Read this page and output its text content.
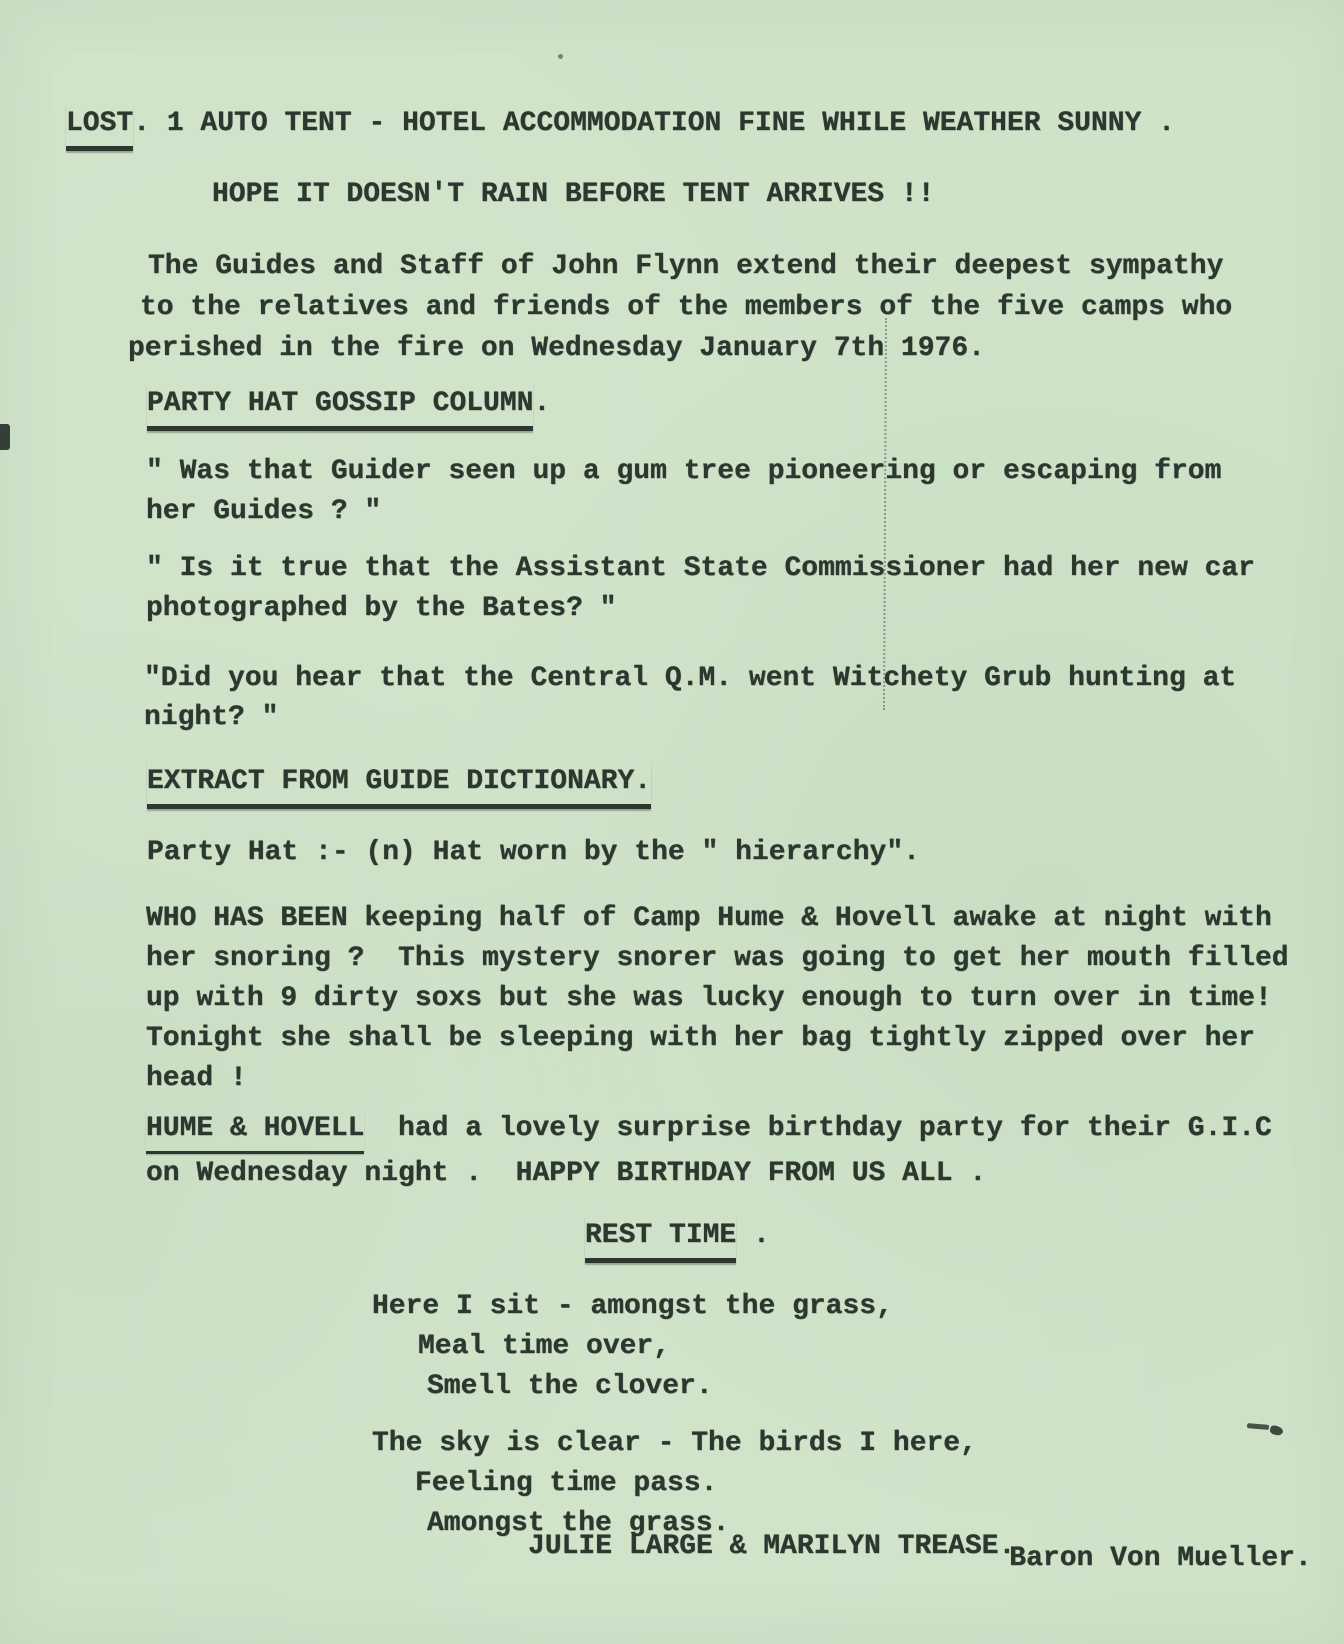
LOST. 1 AUTO TENT - HOTEL ACCOMMODATION FINE WHILE WEATHER SUNNY .
HOPE IT DOESN'T RAIN BEFORE TENT ARRIVES !!
The Guides and Staff of John Flynn extend their deepest sympathy
to the relatives and friends of the members of the five camps who
perished in the fire on Wednesday January 7th 1976.
PARTY HAT GOSSIP COLUMN.
" Was that Guider seen up a gum tree pioneering or escaping from
her Guides ? "
" Is it true that the Assistant State Commissioner had her new car
photographed by the Bates? "
"Did you hear that the Central Q.M. went Witchety Grub hunting at
night? "
EXTRACT FROM GUIDE DICTIONARY.
Party Hat :- (n) Hat worn by the " hierarchy".
WHO HAS BEEN keeping half of Camp Hume & Hovell awake at night with
her snoring ?  This mystery snorer was going to get her mouth filled
up with 9 dirty soxs but she was lucky enough to turn over in time!
Tonight she shall be sleeping with her bag tightly zipped over her
head !
HUME & HOVELL  had a lovely surprise birthday party for their G.I.C
on Wednesday night .  HAPPY BIRTHDAY FROM US ALL .
REST TIME .
Here I sit - amongst the grass,
Meal time over,
Smell the clover.
The sky is clear - The birds I here,
Feeling time pass.
Amongst the grass.
JULIE LARGE & MARILYN TREASE.Baron Von Mueller.
